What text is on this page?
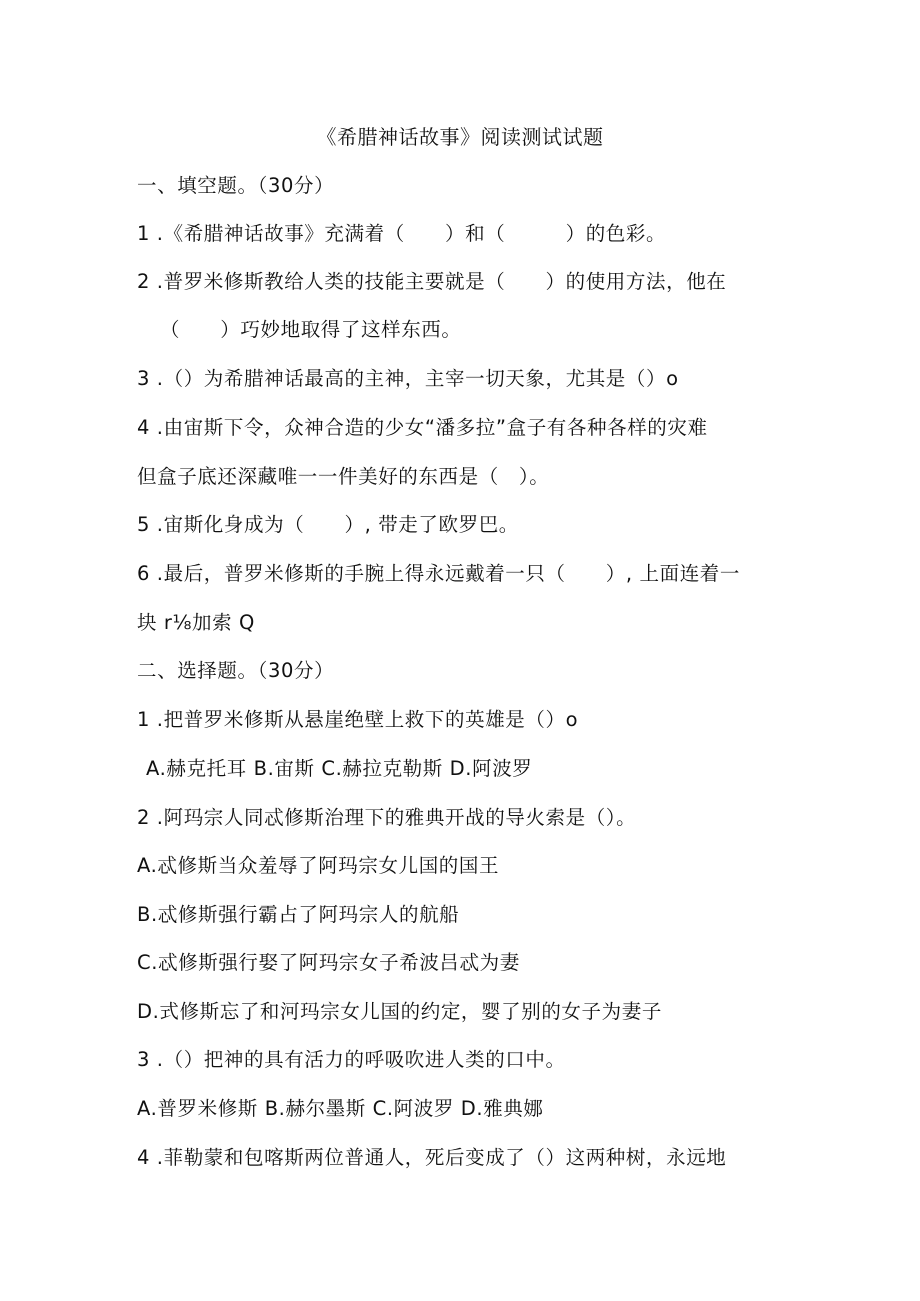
《希腊神话故事》阅读测试试题
一、填空题。（30分）
1 .《希腊神话故事》充满着（　　）和（　　　）的色彩。
2 .普罗米修斯教给人类的技能主要就是（　　）的使用方法，他在
（　　）巧妙地取得了这样东西。
3 .（）为希腊神话最高的主神，主宰一切天象，尤其是（）o
4 .由宙斯下令，众神合造的少女“潘多拉”盒子有各种各样的灾难
但盒子底还深藏唯一一件美好的东西是（　）。
5 .宙斯化身成为（　　）, 带走了欧罗巴。
6 .最后，普罗米修斯的手腕上得永远戴着一只（　　）, 上面连着一
块 r⅛加索 Q
二、选择题。（30分）
1 .把普罗米修斯从悬崖绝壁上救下的英雄是（）o
A.赫克托耳 B.宙斯 C.赫拉克勒斯 D.阿波罗
2 .阿玛宗人同忒修斯治理下的雅典开战的导火索是（）。
A.忒修斯当众羞辱了阿玛宗女儿国的国王
B.忒修斯强行霸占了阿玛宗人的航船
C.忒修斯强行娶了阿玛宗女子希波吕忒为妻
D.式修斯忘了和河玛宗女儿国的约定，婴了别的女子为妻子
3 .（）把神的具有活力的呼吸吹进人类的口中。
A.普罗米修斯 B.赫尔墨斯 C.阿波罗 D.雅典娜
4 .菲勒蒙和包喀斯两位普通人，死后变成了（）这两种树，永远地
